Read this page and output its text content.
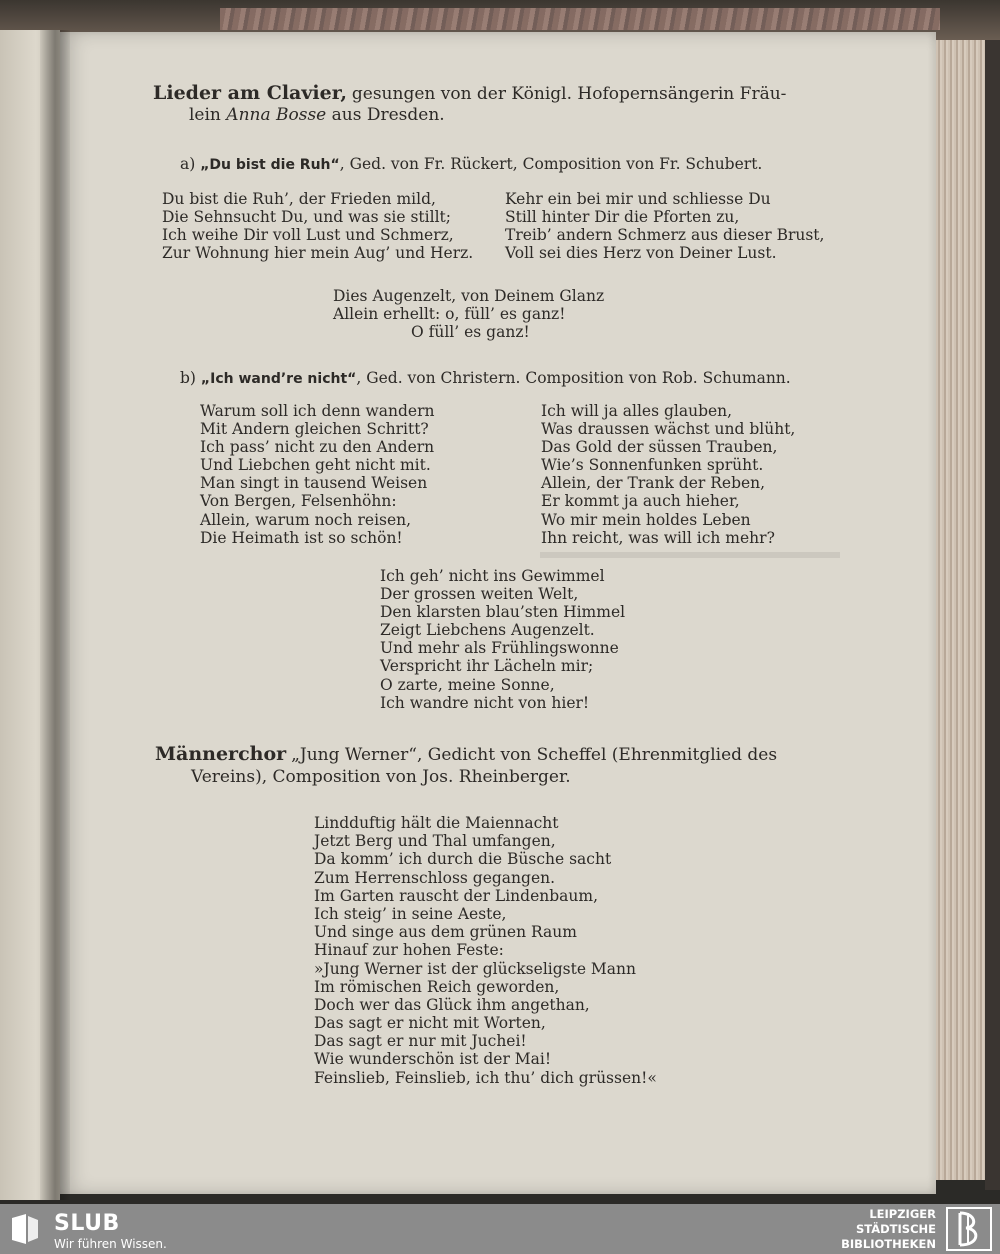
Lieder am Clavier, gesungen von der Königl. Hofopernsängerin Fräu-
lein Anna Bosse aus Dresden.
a) „Du bist die Ruh“, Ged. von Fr. Rückert, Composition von Fr. Schubert.
Du bist die Ruh’, der Frieden mild,
Die Sehnsucht Du, und was sie stillt;
Ich weihe Dir voll Lust und Schmerz,
Zur Wohnung hier mein Aug’ und Herz.
Kehr ein bei mir und schliesse Du
Still hinter Dir die Pforten zu,
Treib’ andern Schmerz aus dieser Brust,
Voll sei dies Herz von Deiner Lust.
Dies Augenzelt, von Deinem Glanz
Allein erhellt: o, füll’ es ganz!
O füll’ es ganz!
b) „Ich wand’re nicht“, Ged. von Christern. Composition von Rob. Schumann.
Warum soll ich denn wandern
Mit Andern gleichen Schritt?
Ich pass’ nicht zu den Andern
Und Liebchen geht nicht mit.
Man singt in tausend Weisen
Von Bergen, Felsenhöhn:
Allein, warum noch reisen,
Die Heimath ist so schön!
Ich will ja alles glauben,
Was draussen wächst und blüht,
Das Gold der süssen Trauben,
Wie’s Sonnenfunken sprüht.
Allein, der Trank der Reben,
Er kommt ja auch hieher,
Wo mir mein holdes Leben
Ihn reicht, was will ich mehr?
Ich geh’ nicht ins Gewimmel
Der grossen weiten Welt,
Den klarsten blau’sten Himmel
Zeigt Liebchens Augenzelt.
Und mehr als Frühlingswonne
Verspricht ihr Lächeln mir;
O zarte, meine Sonne,
Ich wandre nicht von hier!
Männerchor „Jung Werner“, Gedicht von Scheffel (Ehrenmitglied des
Vereins), Composition von Jos. Rheinberger.
Lindduftig hält die Maiennacht
Jetzt Berg und Thal umfangen,
Da komm’ ich durch die Büsche sacht
Zum Herrenschloss gegangen.
Im Garten rauscht der Lindenbaum,
Ich steig’ in seine Aeste,
Und singe aus dem grünen Raum
Hinauf zur hohen Feste:
»Jung Werner ist der glückseligste Mann
Im römischen Reich geworden,
Doch wer das Glück ihm angethan,
Das sagt er nicht mit Worten,
Das sagt er nur mit Juchei!
Wie wunderschön ist der Mai!
Feinslieb, Feinslieb, ich thu’ dich grüssen!«
SLUB
Wir führen Wissen.
LEIPZIGER
STÄDTISCHE
BIBLIOTHEKEN
